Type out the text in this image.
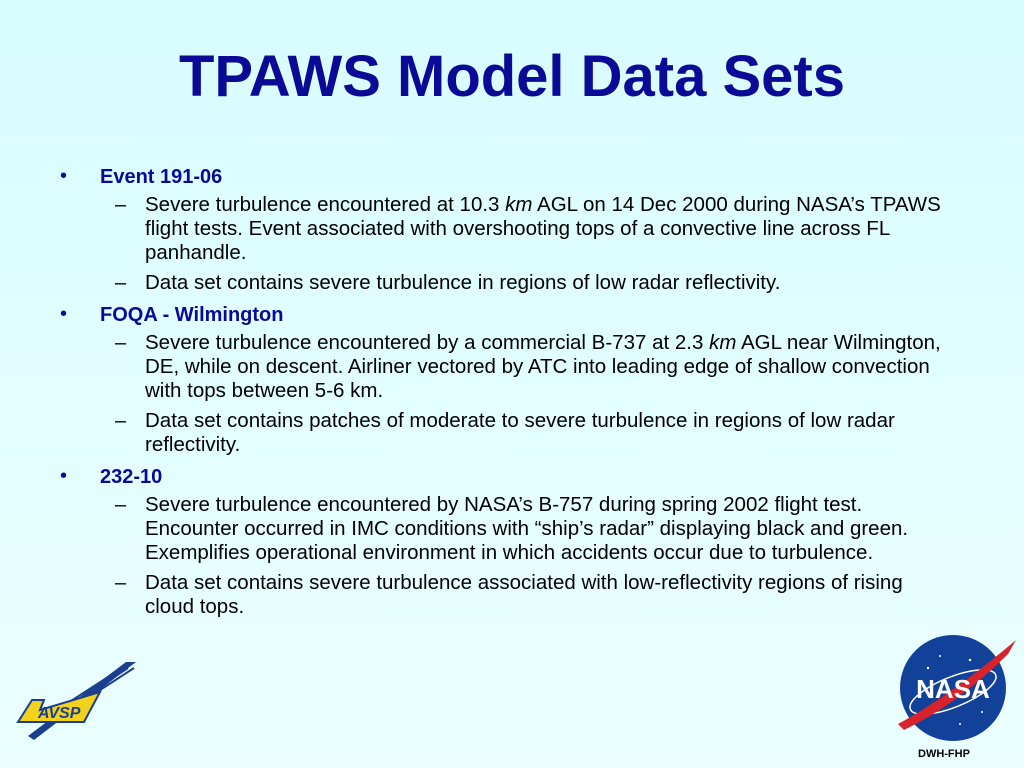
TPAWS Model Data Sets
• Event 191-06
– Severe turbulence encountered at 10.3 km AGL on 14 Dec 2000 during NASA’s TPAWS flight tests. Event associated with overshooting tops of a convective line across FL panhandle.
– Data set contains severe turbulence in regions of low radar reflectivity.
• FOQA - Wilmington
– Severe turbulence encountered by a commercial B-737 at 2.3 km AGL near Wilmington, DE, while on descent. Airliner vectored by ATC into leading edge of shallow convection with tops between 5-6 km.
– Data set contains patches of moderate to severe turbulence in regions of low radar reflectivity.
• 232-10
– Severe turbulence encountered by NASA’s B-757 during spring 2002 flight test. Encounter occurred in IMC conditions with “ship’s radar” displaying black and green. Exemplifies operational environment in which accidents occur due to turbulence.
– Data set contains severe turbulence associated with low-reflectivity regions of rising cloud tops.
AVSP
NASA
DWH-FHP
